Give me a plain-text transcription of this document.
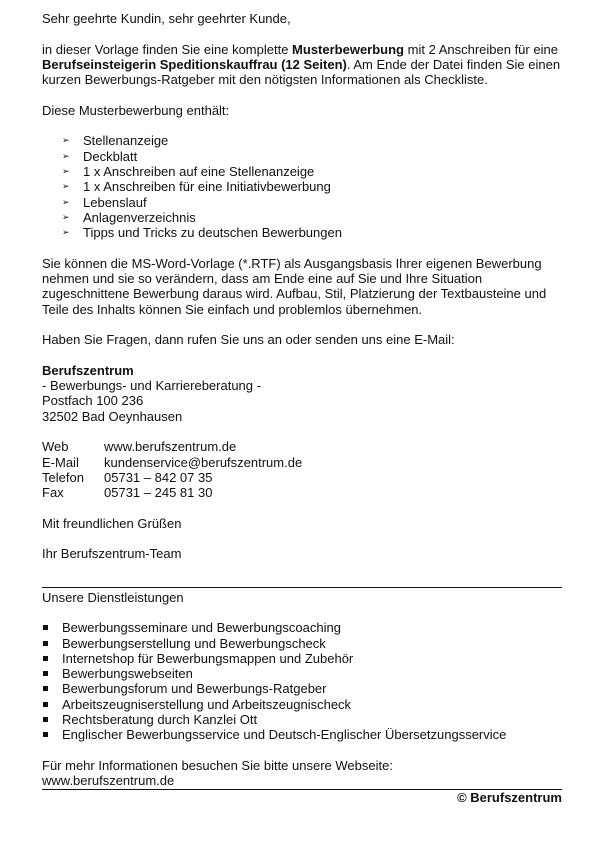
Sehr geehrte Kundin, sehr geehrter Kunde,

in dieser Vorlage finden Sie eine komplette Musterbewerbung mit 2 Anschreiben für eine Berufseinsteigerin Speditionskauffrau (12 Seiten). Am Ende der Datei finden Sie einen kurzen Bewerbungs-Ratgeber mit den nötigsten Informationen als Checkliste.

Diese Musterbewerbung enthält:

➢ Stellenanzeige
➢ Deckblatt
➢ 1 x Anschreiben auf eine Stellenanzeige
➢ 1 x Anschreiben für eine Initiativbewerbung
➢ Lebenslauf
➢ Anlagenverzeichnis
➢ Tipps und Tricks zu deutschen Bewerbungen

Sie können die MS-Word-Vorlage (*.RTF) als Ausgangsbasis Ihrer eigenen Bewerbung nehmen und sie so verändern, dass am Ende eine auf Sie und Ihre Situation zugeschnittene Bewerbung daraus wird. Aufbau, Stil, Platzierung der Textbausteine und Teile des Inhalts können Sie einfach und problemlos übernehmen.

Haben Sie Fragen, dann rufen Sie uns an oder senden uns eine E-Mail:

Berufszentrum

- Bewerbungs- und Karriereberatung -

Postfach 100 236

32502 Bad Oeynhausen

Web	www.berufszentrum.de
E-Mail	kundenservice@berufszentrum.de
Telefon	05731 – 842 07 35
Fax	05731 – 245 81 30

Mit freundlichen Grüßen

Ihr Berufszentrum-Team

Unsere Dienstleistungen

Bewerbungsseminare und Bewerbungscoaching
Bewerbungserstellung und Bewerbungscheck
Internetshop für Bewerbungsmappen und Zubehör
Bewerbungswebseiten
Bewerbungsforum und Bewerbungs-Ratgeber
Arbeitszeugniserstellung und Arbeitszeugnischeck
Rechtsberatung durch Kanzlei Ott
Englischer Bewerbungsservice und Deutsch-Englischer Übersetzungsservice

Für mehr Informationen besuchen Sie bitte unsere Webseite:

www.berufszentrum.de

© Berufszentrum
